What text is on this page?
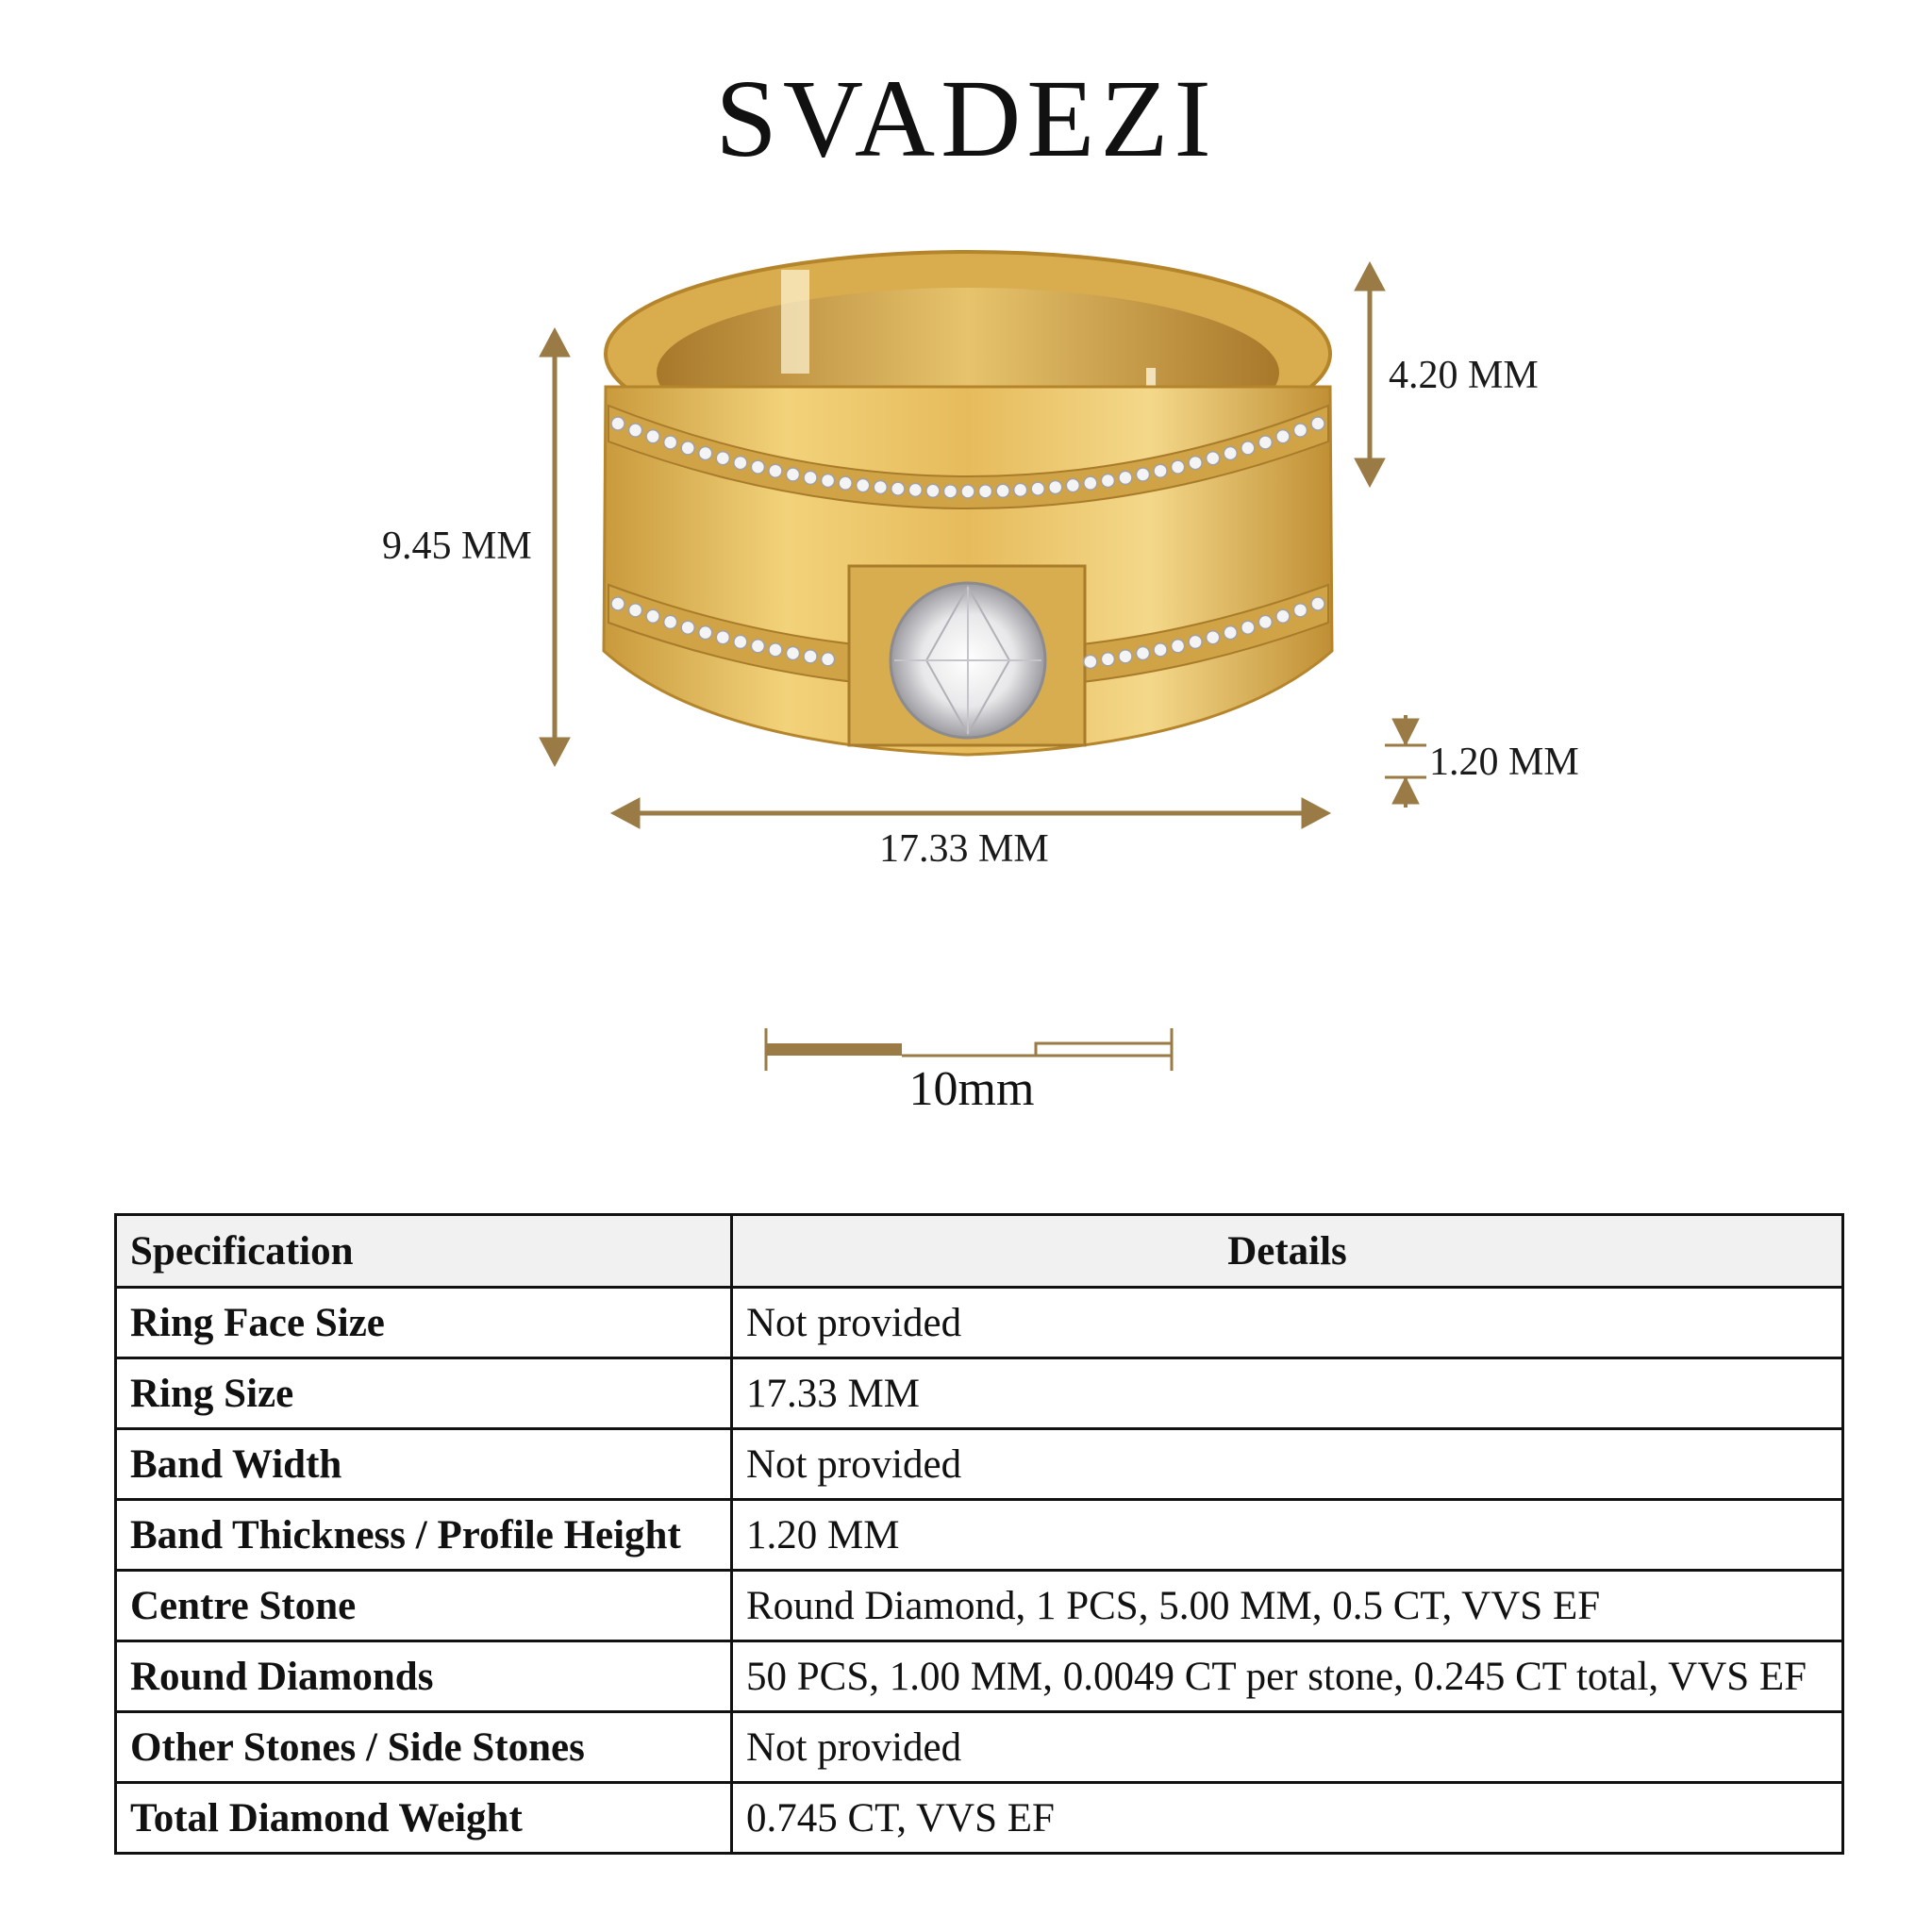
SVADEZI
9.45 MM
4.20 MM
1.20 MM
17.33 MM
10mm
Specification	Details
Ring Face Size	Not provided
Ring Size	17.33 MM
Band Width	Not provided
Band Thickness / Profile Height	1.20 MM
Centre Stone	Round Diamond, 1 PCS, 5.00 MM, 0.5 CT, VVS EF
Round Diamonds	50 PCS, 1.00 MM, 0.0049 CT per stone, 0.245 CT total, VVS EF
Other Stones / Side Stones	Not provided
Total Diamond Weight	0.745 CT, VVS EF
